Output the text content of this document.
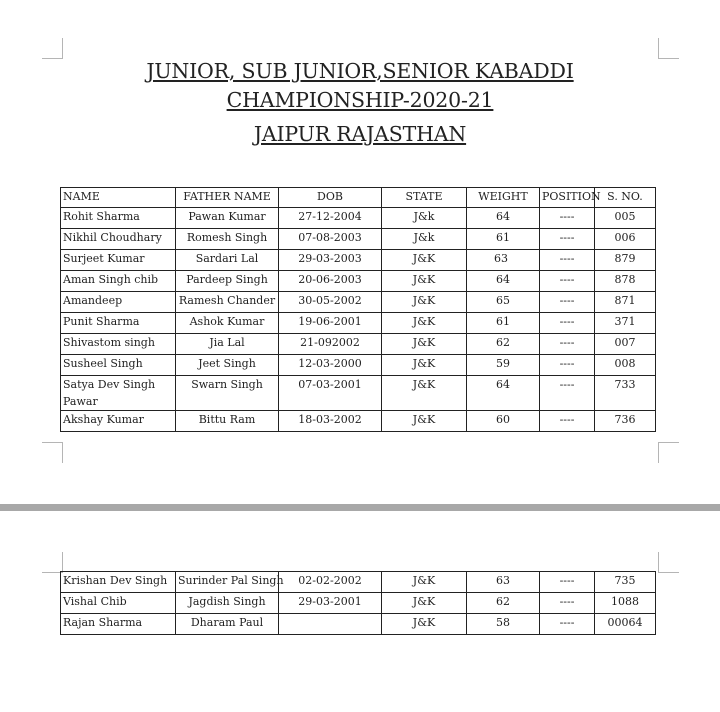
JUNIOR, SUB JUNIOR,SENIOR KABADDI
CHAMPIONSHIP-2020-21
JAIPUR RAJASTHAN
NAME	FATHER NAME	DOB	STATE	WEIGHT	POSITION	S. NO.
Rohit Sharma	Pawan Kumar	27-12-2004	J&k	64	----	005
Nikhil Choudhary	Romesh Singh	07-08-2003	J&k	61	----	006
Surjeet Kumar	Sardari Lal	29-03-2003	J&K	63	----	879
Aman Singh chib	Pardeep Singh	20-06-2003	J&K	64	----	878
Amandeep	Ramesh Chander	30-05-2002	J&K	65	----	871
Punit Sharma	Ashok Kumar	19-06-2001	J&K	61	----	371
Shivastom singh	Jia Lal	21-092002	J&K	62	----	007
Susheel Singh	Jeet Singh	12-03-2000	J&K	59	----	008
Satya Dev Singh Pawar	Swarn Singh	07-03-2001	J&K	64	----	733
Akshay Kumar	Bittu Ram	18-03-2002	J&K	60	----	736
Krishan Dev Singh	Surinder Pal Singh	02-02-2002	J&K	63	----	735
Vishal Chib	Jagdish Singh	29-03-2001	J&K	62	----	1088
Rajan Sharma	Dharam Paul		J&K	58	----	00064
